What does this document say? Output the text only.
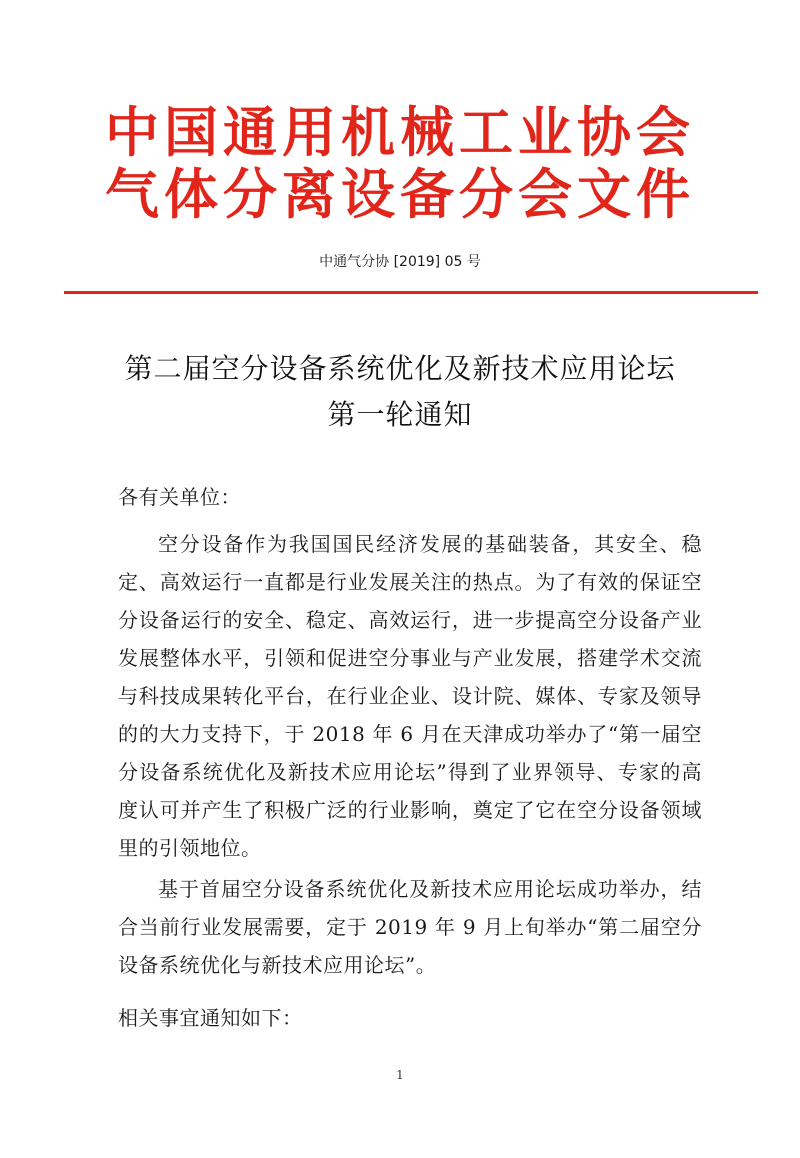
中国通用机械工业协会
气体分离设备分会文件
中通气分协 [2019] 05 号
第二届空分设备系统优化及新技术应用论坛
第一轮通知
各有关单位：
空分设备作为我国国民经济发展的基础装备，其安全、稳定、高效运行一直都是行业发展关注的热点。为了有效的保证空分设备运行的安全、稳定、高效运行，进一步提高空分设备产业发展整体水平，引领和促进空分事业与产业发展，搭建学术交流与科技成果转化平台，在行业企业、设计院、媒体、专家及领导的的大力支持下，于 2018 年 6 月在天津成功举办了“第一届空分设备系统优化及新技术应用论坛”得到了业界领导、专家的高度认可并产生了积极广泛的行业影响，奠定了它在空分设备领域里的引领地位。
基于首届空分设备系统优化及新技术应用论坛成功举办，结合当前行业发展需要，定于 2019 年 9 月上旬举办“第二届空分设备系统优化与新技术应用论坛”。
相关事宜通知如下：
1
